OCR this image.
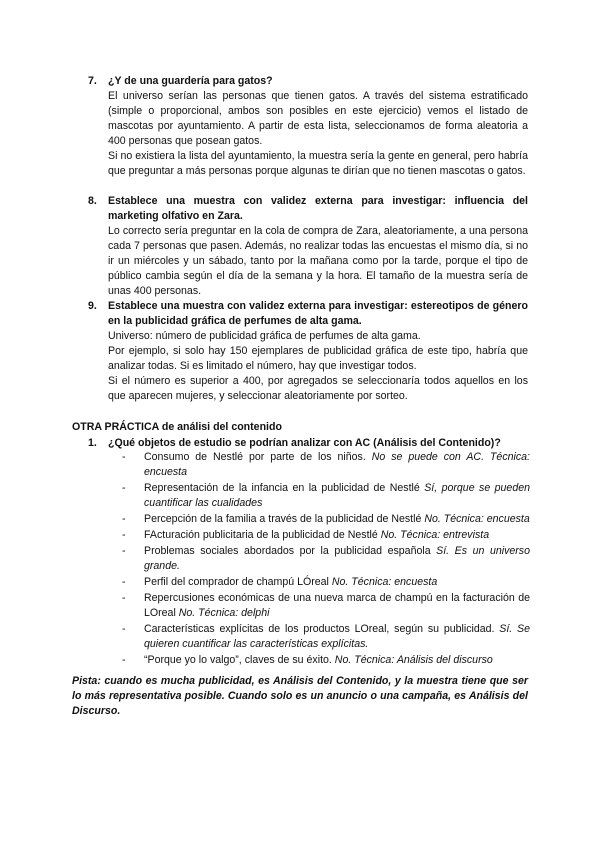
7. ¿Y de una guardería para gatos?

El universo serían las personas que tienen gatos. A través del sistema estratificado (simple o proporcional, ambos son posibles en este ejercicio) vemos el listado de mascotas por ayuntamiento. A partir de esta lista, seleccionamos de forma aleatoria a 400 personas que posean gatos.

Si no existiera la lista del ayuntamiento, la muestra sería la gente en general, pero habría que preguntar a más personas porque algunas te dirían que no tienen mascotas o gatos.

8. Establece una muestra con validez externa para investigar: influencia del marketing olfativo en Zara.

Lo correcto sería preguntar en la cola de compra de Zara, aleatoriamente, a una persona cada 7 personas que pasen. Además, no realizar todas las encuestas el mismo día, si no ir un miércoles y un sábado, tanto por la mañana como por la tarde, porque el tipo de público cambia según el día de la semana y la hora. El tamaño de la muestra sería de unas 400 personas.

9. Establece una muestra con validez externa para investigar: estereotipos de género en la publicidad gráfica de perfumes de alta gama.

Universo: número de publicidad gráfica de perfumes de alta gama.

Por ejemplo, si solo hay 150 ejemplares de publicidad gráfica de este tipo, habría que analizar todas. Si es limitado el número, hay que investigar todos.

Si el número es superior a 400, por agregados se seleccionaría todos aquellos en los que aparecen mujeres, y seleccionar aleatoriamente por sorteo.

OTRA PRÁCTICA de análisi del contenido
1. ¿Qué objetos de estudio se podrían analizar con AC (Análisis del Contenido)?
- Consumo de Nestlé por parte de los niños. No se puede con AC. Técnica: encuesta
- Representación de la infancia en la publicidad de Nestlé Sí, porque se pueden cuantificar las cualidades
- Percepción de la familia a través de la publicidad de Nestlé No. Técnica: encuesta
- FActuración publicitaria de la publicidad de Nestlé No. Técnica: entrevista
- Problemas sociales abordados por la publicidad española Sí. Es un universo grande.
- Perfil del comprador de champú LÓreal No. Técnica: encuesta
- Repercusiones económicas de una nueva marca de champú en la facturación de LOreal No. Técnica: delphi
- Características explícitas de los productos LOreal, según su publicidad. Sí. Se quieren cuantificar las características explícitas.
- “Porque yo lo valgo”, claves de su éxito. No. Técnica: Análisis del discurso
Pista: cuando es mucha publicidad, es Análisis del Contenido, y la muestra tiene que ser lo más representativa posible. Cuando solo es un anuncio o una campaña, es Análisis del Discurso.
